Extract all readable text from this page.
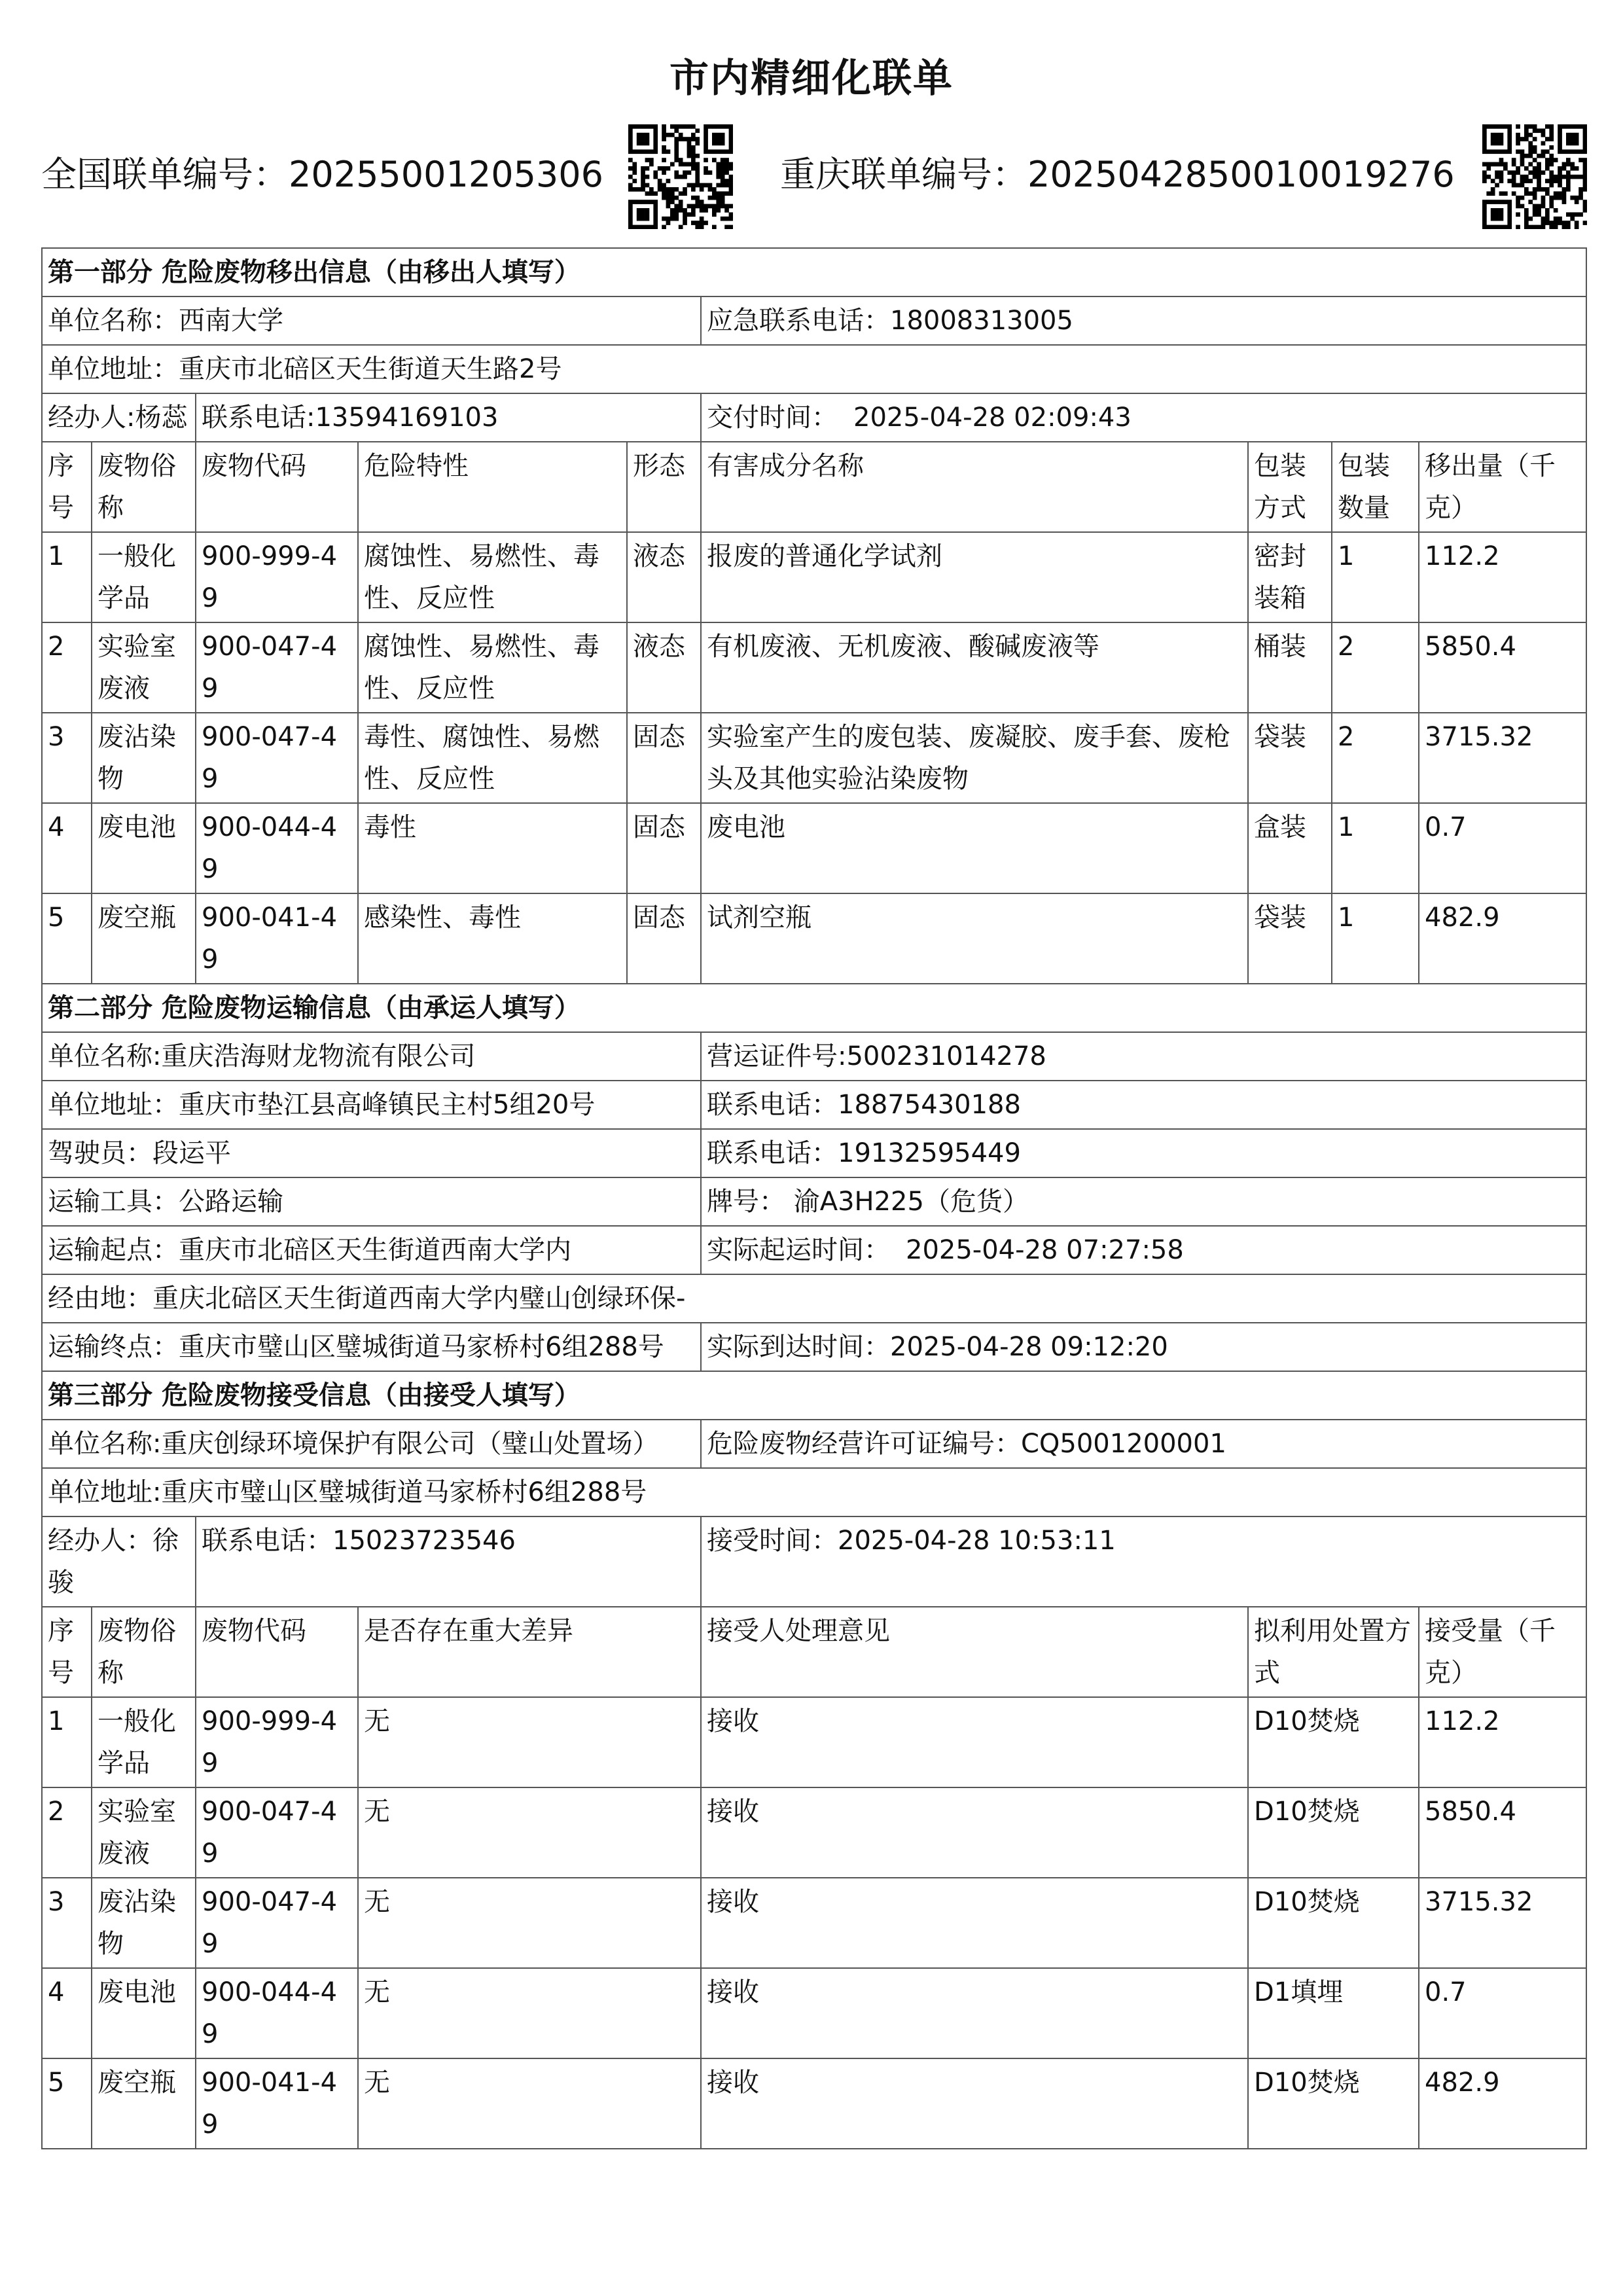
市内精细化联单
全国联单编号：20255001205306	重庆联单编号：2025042850010019276
第一部分 危险废物移出信息（由移出人填写）								
单位名称：西南大学					应急联系电话：18008313005			
单位地址：重庆市北碚区天生街道天生路2号								
经办人:杨蕊		联系电话:13594169103			交付时间： 2025-04-28 02:09:43			
序号	废物俗称	废物代码	危险特性	形态	有害成分名称	包装方式	包装数量	移出量（千克）
1	一般化学品	900-999-49	腐蚀性、易燃性、毒性、反应性	液态	报废的普通化学试剂	密封装箱	1	112.2
2	实验室废液	900-047-49	腐蚀性、易燃性、毒性、反应性	液态	有机废液、无机废液、酸碱废液等	桶装	2	5850.4
3	废沾染物	900-047-49	毒性、腐蚀性、易燃性、反应性	固态	实验室产生的废包装、废凝胶、废手套、废枪头及其他实验沾染废物	袋装	2	3715.32
4	废电池	900-044-49	毒性	固态	废电池	盒装	1	0.7
5	废空瓶	900-041-49	感染性、毒性	固态	试剂空瓶	袋装	1	482.9
第二部分 危险废物运输信息（由承运人填写）								
单位名称:重庆浩海财龙物流有限公司					营运证件号:500231014278			
单位地址：重庆市垫江县高峰镇民主村5组20号					联系电话：18875430188			
驾驶员：段运平					联系电话：19132595449			
运输工具：公路运输					牌号： 渝A3H225（危货）			
运输起点：重庆市北碚区天生街道西南大学内					实际起运时间： 2025-04-28 07:27:58			
经由地：重庆北碚区天生街道西南大学内璧山创绿环保-								
运输终点：重庆市璧山区璧城街道马家桥村6组288号					实际到达时间：2025-04-28 09:12:20			
第三部分 危险废物接受信息（由接受人填写）								
单位名称:重庆创绿环境保护有限公司（璧山处置场）					危险废物经营许可证编号：CQ5001200001			
单位地址:重庆市璧山区璧城街道马家桥村6组288号								
经办人：徐骏		联系电话：15023723546			接受时间：2025-04-28 10:53:11			
序号	废物俗称	废物代码	是否存在重大差异		接受人处理意见	拟利用处置方式		接受量（千克）
1	一般化学品	900-999-49	无		接收	D10焚烧		112.2
2	实验室废液	900-047-49	无		接收	D10焚烧		5850.4
3	废沾染物	900-047-49	无		接收	D10焚烧		3715.32
4	废电池	900-044-49	无		接收	D1填埋		0.7
5	废空瓶	900-041-49	无		接收	D10焚烧		482.9
